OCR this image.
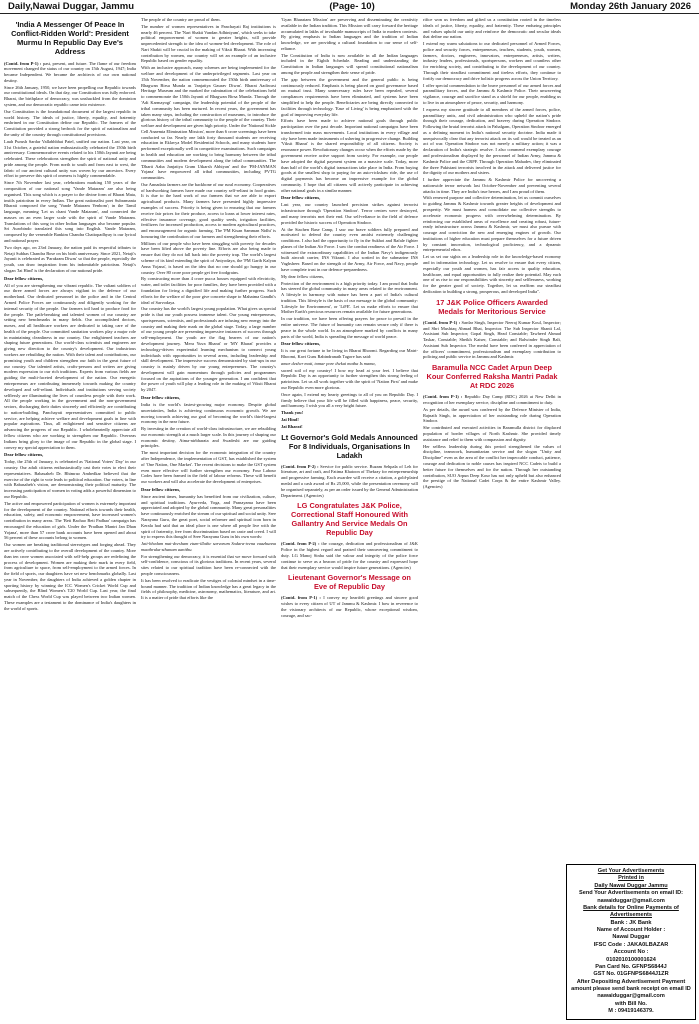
Daily,Nawai Duggar, Jammu	(Page- 10)	Monday 26th January 2026
'India A Messenger Of Peace In Conflict-Ridden World': President
Murmu In Republic Day Eve's Address

(Contd. from P-1) : past, present, and future. The flame of our freedom movement changed the status of our country on 15th August, 1947; India became Independent. We became the architects of our own national destiny.

Since 26th January, 1950, we have been propelling our Republic towards our constitutional ideals. On that day, our Constitution was fully enforced. Bharat, the birthplace of democracy, was unshackled from the dominion system, and our democratic republic came into existence.

Our Constitution is the foundational document of the largest republic in world history. The ideals of justice, liberty, equality, and fraternity enshrined in our Constitution define our Republic. The framers of the Constitution provided a strong bedrock for the spirit of nationalism and the unity of the country through constitutional provisions.

Lauh Purush Sardar Vallabhbhai Patel, unified our nation. Last year, on 31st October, a grateful nation enthusiastically celebrated the 150th birth anniversary. Commemorative events related to his 150th Jayanti are being celebrated. These celebrations strengthen the spirit of national unity and pride among the people. From north to south and from east to west, the fabric of our ancient cultural unity was woven by our ancestors. Every effort to preserve this spirit of oneness is highly commendable.

Since 7th November last year, celebrations marking 150 years of the composition of our national song 'Vande Mataram' are also being organised. This song which is a prayer to the divine form of Bharat Mata, instils patriotism in every Indian. The great nationalist poet Subramania Bharati composed the song 'Vande Mataram Yenbom'; in the Tamil language, meaning 'Let us chant Vande Mataram', and connected the masses on an even larger scale with the spirit of Vande Mataram. Translations of this song in other Indian languages also became popular. Sri Aurobindo translated this song into English. Vande Mataram, composed by the venerable Bankim Chandra Chattopadhyay is our lyrical and national prayer.

Two days ago, on 23rd January, the nation paid its respectful tributes to Netaji Subhas Chandra Bose on his birth anniversary. Since 2021, Netaji's Jayanti is celebrated as 'Parakram Diwas' so that the people, especially the youth, can draw inspiration from his indomitable patriotism. Netaji's slogan 'Jai Hind' is the declaration of our national pride.

Dear fellow citizens,

All of you are strengthening our vibrant republic. The valiant soldiers of our three armed forces are always vigilant in the defence of our motherland. Our dedicated personnel in the police and in the Central Armed Police Forces are continuously and diligently working for the internal security of the people. Our farmers toil hard to produce food for the people. The path-breaking and talented women of our country are setting new benchmarks in many fields. Our accomplished doctors, nurses, and all healthcare workers are dedicated to taking care of the health of the people. Our committed sanitation workers play a major role in maintaining cleanliness in our country. Our enlightened teachers are shaping future generations. Our world-class scientists and engineers are giving new direction to the country's development. Our industrious workers are rebuilding the nation. With their talent and contributions, our promising youth and children strengthen our faith in the great future of our country. Our talented artists, crafts-persons and writers are giving modern expression to our rich traditions. Experts from various fields are guiding the multi-faceted development of the nation. Our energetic entrepreneurs are contributing immensely towards making the country developed and self-reliant. Individuals and institutions serving society selflessly are illuminating the lives of countless people with their work. All the people working in the government and the non-government sectors, discharging their duties sincerely and efficiently are contributing to nation-building. Panchayati representatives committed to public service, are helping achieve welfare and development goals in line with popular aspirations. Thus, all enlightened and sensitive citizens are advancing the progress of our Republic. I wholeheartedly appreciate all fellow citizens who are working to strengthen our Republic. Overseas Indians bring glory to the image of our Republic in the global stage. I convey my special appreciation to them.

Dear fellow citizens,

Today, the 25th of January, is celebrated as 'National Voters' Day' in our country. Our adult citizens enthusiastically cast their votes to elect their representatives. Babasaheb Dr. Bhimrao Ambedkar believed that the exercise of the right to vote leads to political education. Our voters, in line with Babasaheb's vision, are demonstrating their political maturity. The increasing participation of women in voting adds a powerful dimension to our Republic.

The active and empowered participation of women is extremely important for the development of the country. National efforts towards their health, education, safety, and economic empowerment, have increased women's contribution in many areas. The 'Beti Bachao Beti Padhao' campaign has encouraged the education of girls. Under the 'Pradhan Mantri Jan Dhan Yojana', more than 57 crore bank accounts have been opened and about 56 percent of these accounts belong to women.

Our women are breaking traditional stereotypes and forging ahead. They are actively contributing to the overall development of the country. More than ten crore women associated with self-help groups are redefining the process of development. Women are making their mark in every field, from agriculture to space, from self-employment to the armed forces. In the field of sports, our daughters have set new benchmarks globally. Last year in November, the daughters of India achieved a golden chapter in sporting history by winning the ICC Women's Cricket World Cup and subsequently, the Blind Women's T20 World Cup. Last year, the final match of the Chess World Cup was played between two Indian women. These examples are a testament to the dominance of India's daughters in the world of sports.

The people of the country are proud of them.

The number of women representatives in Panchayati Raj institutions is nearly 46 percent. The 'Nari Shakti Vandan Adhiniyam', which seeks to take political empowerment of women to greater heights, will provide unprecedented strength to the idea of women-led development. The role of Nari Shakti will be crucial in the making of Viksit Bharat. With increasing contribution by women, our country will set an example of an inclusive Republic based on gender equality.

With an inclusive approach, many schemes are being implemented for the welfare and development of the underprivileged segments. Last year on 15th November, the nation commemorated the 150th birth anniversary of Bhagwan Birsa Munda as 'Janjatiya Gaurav Diwas'. Bharat Aadiwasi Heritage Museum and the marked the culmination of the celebrations held to commemorate the 150th Jayanti of Bhagwan Birsa Munda. Through the 'Adi Karmayogi' campaign, the leadership potential of the people of the tribal community has been nurtured. In recent years, the government has taken many steps, including the construction of museums, to introduce the glorious history of the tribal community to the people of the country. Their welfare and development are given high priority. Under the 'National Sickle Cell Anaemia Elimination Mission', more than 6 crore screenings have been conducted so far. Nearly one lakh forty thousand students are receiving education in Eklavya Model Residential Schools, and many students have performed exceptionally well in competitive examinations. Such campaigns in health and education are working to bring harmony between the tribal communities and modern development along the tribal communities. The 'Dharti Aaba Janjatiya Gram Utkarsh Abhiyan' and the 'PM-JANMAN Yojana' have empowered all tribal communities, including PVTG communities.

Our Annadata farmers are the backbone of our rural economy. Cooperatives of hardworking farmers have made our country self-reliant in food grains. It is due to the hard work of our farmers that we are able to export agricultural products. Many farmers have presented highly impressive examples of success. Priority is being given to ensuring that our farmers receive fair prices for their produce, access to loans at lower interest rates, effective insurance coverage, good quality seeds, irrigation facilities, fertilizers for increased production, access to modern agricultural practices, and encouragement for organic farming. The 'PM Kisan Samman Nidhi' is honouring the contribution of our farmers and strengthening their efforts.

Millions of our people who have been struggling with poverty for decades have been lifted above the poverty line. Efforts are also being made to ensure that they do not fall back into the poverty trap. The world's largest scheme of its kind extending the spirit of Antyodaya, the 'PM Garib Kalyan Anna Yojana', is based on the idea that no one should go hungry in our country. Over 80 crore poor people get free foodgrains.

By constructing more than 4 crore pucca houses equipped with electricity, water, and toilet facilities for poor families, they have been provided with a foundation for living a dignified life and making further progress. Such efforts for the welfare of the poor give concrete shape to Mahatma Gandhi's ideal of Sarvodaya.

Our country has the world's largest young population. What gives us special pride is that our youth possess immense talent. Our young entrepreneurs, sportspersons, scientists, and professionals are infusing new energy into the country and making their mark on the global stage. Today, a large number of our young people are presenting impressive instances of success through self-employment. Our youth are the flag bearers of our nation's development journey. 'Mera Yuva Bharat' or 'MY Bharat' provides a technology-driven experiential learning mechanism to connect young individuals with opportunities in several areas, including leadership and skill development. The impressive success demonstrated by start-ups in our country is mainly driven by our young entrepreneurs. The country's development will gain momentum through policies and programmes focused on the aspirations of the younger generation. I am confident that the power of youth will play a leading role in the making of Viksit Bharat by 2047.

Dear fellow citizens,

India is the world's fastest-growing major economy. Despite global uncertainties, India is achieving continuous economic growth. We are moving towards achieving our goal of becoming the world's third-largest economy in the near future.

By investing in the creation of world-class infrastructure, we are rebuilding our economic strength at a much larger scale. In this journey of shaping our economic destiny, Atma-nirbharata and Swadeshi are our guiding principles.

The most important decision for the economic integration of the country after Independence, the implementation of GST, has established the system of 'One Nation, One Market'. The recent decisions to make the GST system even more effective will further strengthen our economy. Four Labour Codes have been framed in the field of labour reforms. These will benefit our workers and will also accelerate the development of enterprises.

Dear fellow citizens,

Since ancient times, humanity has benefited from our civilization, culture, and spiritual traditions. Ayurveda, Yoga, and Pranayama have been appreciated and adopted by the global community. Many great personalities have continuously enriched the stream of our spiritual and social unity. Sree Narayana Guru, the great poet, social reformer and spiritual icon born in Kerala had said that an ideal place is one where all people live with the spirit of fraternity, free from discrimination based on caste and creed. I will try to express this thought of Sree Narayana Guru in his own words:

Jati-bhedam mat-dvesham etum-illathe sarvarum Sodara-tvena vaazhunna maathruka-sthanam aanithu.

For strengthening our democracy, it is essential that we move forward with self-confidence, conscious of its glorious traditions. In recent years, several sites related to our spiritual tradition have been re-connected with the people consciousness.

It has been resolved to eradicate the vestiges of colonial mindset in a time-bound manner. The tradition of Indian knowledge has a great legacy in the fields of philosophy, medicine, astronomy, mathematics, literature, and art. It is a matter of pride that efforts like the

'Gyan Bharatam Mission' are preserving and disseminating the creativity available in the Indian tradition. This Mission will carry forward the heritage accumulated in lakhs of invaluable manuscripts of India to modern contexts. By giving emphasis to Indian languages and the tradition of Indian knowledge, we are providing a cultural foundation to our sense of self-reliance.

The Constitution of India is now available in all the Indian languages included in the Eighth Schedule. Reading and understanding the Constitution in Indian languages will spread constitutional nationalism among the people and strengthen their sense of pride.

The gap between the government and the general public is being continuously reduced. Emphasis is being placed on good governance based on mutual trust. Many unnecessary rules have been repealed, several compliances requirements have been eliminated, and systems have been simplified to help the people. Beneficiaries are being directly connected to facilities through technology. 'Ease of Living' is being emphasized with the goal of improving everyday life.

Efforts have been made to achieve national goals through public participation over the past decade. Important national campaigns have been transformed into mass movements. Local institutions in every village and city have been made instruments of ushering in progressive change. Building 'Viksit Bharat' is the shared responsibility of all citizens. Society is resonance power. Revolutionary changes occur when the efforts made by the government receive active support from society. For example, our people have adopted the digital payment system on a massive scale. Today, more than half of the world's digital transactions take place in India. From buying goods at the smallest shop to paying for an auto-rickshaw ride, the use of digital payments has become an impressive example for the global community. I hope that all citizens will actively participate in achieving other national goals in a similar manner.

Dear fellow citizens,

Last year, our country launched precision strikes against terrorist infrastructure through 'Operation Sindoor'. Terror centres were destroyed, and many terrorists met their end. Our self-reliance in the field of defence provided the historic success of Operation Sindoor.

At the Siachen Base Camp, I saw our brave soldiers fully prepared and motivated to defend the country even amidst extremely challenging conditions. I also had the opportunity to fly in the Sukhoi and Rafale fighter planes of the Indian Air Force. I saw the combat readiness of the Air Force. I witnessed the extraordinary capabilities of the Indian Navy's indigenously built aircraft carrier, INS Vikrant. I also sortied in the submarine INS Vaghsheer. Based on the strength of the Army, Air Force, and Navy, people have complete trust in our defence-preparedness.

My dear fellow citizens,

Protection of the environment is a high priority today. I am proud that India has steered the global community in many areas related to the environment. A lifestyle in harmony with nature has been a part of India's cultural tradition. This lifestyle is the basis of our message to the global community: 'Lifestyle for Environment', or 'LiFE'. Let us make efforts to ensure that Mother Earth's precious resources remain available for future generations.

In our tradition, we have been offering prayers for peace to prevail in the entire universe. The future of humanity can remain secure only if there is peace in the whole world. In an atmosphere marked by conflicts in many parts of the world, India is spreading the message of world peace.

Dear fellow citizens,

It is our great fortune to be living in Bharat Bhoomi. Regarding our Matri-Bhoomi, Kavi Guru Rabindranath Tagore has said:

amar desher mati, tomar pore thekai matha Is mama,

sacred soil of my country! I bow my head at your feet. I believe that Republic Day is an opportunity to further strengthen this strong feeling of patriotism. Let us all work together with the spirit of 'Nation First' and make our Republic even more glorious.

Once again, I extend my hearty greetings to all of you on Republic Day. I firmly believe that your life will be filled with happiness, peace, security, and harmony. I wish you all a very bright future.

Thank you!

Jai Hind!

Jai Bharat!

Lt Governor's Gold Medals Announced For 8 Individuals, Organisations In Ladakh

(Contd. from P-2) : Service for public service. Buzam Sehpala of Leh for literature, art and craft, and Fatima Khatoon of Thekray for entrepreneurship and progressive farming. Each awardee will receive a citation, a gold-plated medal and a cash award of Rs 25,000, while the presentation ceremony will be organised separately, as per an order issued by the General Administration Department. (Agencies)

LG Congratulates J&K Police, Correctional Staff Honoured With Gallantry And Service Medals On Republic Day

(Contd. from P-2) : the courage, dedication and professionalism of J&K Police in the highest regard and praised their unwavering commitment to duty. LG Manoj Sinha said the valour and integrity of the police force continue to serve as a beacon of pride for the country and expressed hope that their exemplary service would inspire future generations. (Agencies)

Lieutenant Governor's Message on Eve of Republic Day

(Contd. from P-1) : I convey my heartfelt greetings and sincere good wishes to every citizen of UT of Jammu & Kashmir. I bow in reverence to the visionary architects of our Republic, whose exceptional wisdom, courage, and sac-

rifice won us freedom and gifted us a constitution rooted in the timeless ideals of justice, liberty, equality, and fraternity. These enduring principles and values uphold our unity and reinforce the democratic and secular ideals that define our nation.

I extend my warm salutations to our dedicated personnel of Armed Forces, police and security forces, entrepreneurs, teachers, students, youth, women, farmers, doctors, engineers, innovators, entrepreneurs, artists, writers, industry leaders, professionals, sportspersons, workers and countless other for enriching society, and contributing to the development of our country. Through their steadfast commitment and tireless efforts, they continue to fortify our democracy and drive holistic progress across the Union Territory.

I offer special commendation to the brave personnel of our armed forces and paramilitary forces, and the Jammu & Kashmir Police. Their unwavering vigilance, courage and sacrifice stand as a shield for our people, enabling us to live in an atmosphere of peace, security, and harmony.

I express my sincere gratitude to all members of the armed forces, police, paramilitary units, and civil administration who upheld the nation's pride through their courage, dedication, and bravery during Operation Sindoor. Following the brutal terrorist attack in Pahalgam, Operation Sindoor emerged as a defining moment in India's national security doctrine. India made it unequivocally clear that any terrorist attack on its soil would be treated as an act of war. Operation Sindoor was not merely a military action; it was a declaration of India's strategic resolve. I also commend exemplary courage and professionalism displayed by the personnel of Indian Army, Jammu & Kashmir Police and the CRPF. Through Operation Mahadev, they eliminated the three Pakistani terrorists involved in the attack and delivered justice for the dignity of our mothers and sisters.

I further appreciate the Jammu & Kashmir Police for uncovering a nationwide terror network last October-November and preventing several attacks in time. They are India's true heroes, and I am proud of them.

With renewed purpose and collective determination, let us commit ourselves to guiding Jammu & Kashmir towards greater heights of development and prosperity. We must harness and consolidate our collective strengths to accelerate economic progress with overwhelming determination. By reinforcing our established areas of excellence and creating robust, future-ready infrastructure across Jammu & Kashmir, we must also pursue with courage and conviction the new and emerging engines of growth. Our institutions of higher education must prepare themselves for a future driven by constant innovation, technological proficiency, and a dynamic entrepreneurial ethos.

Let us set our sights on a leadership role in the knowledge-based economy and in information technology. Let us resolve to ensure that every citizen, especially our youth and women, has fair access to quality education, healthcare, and equal opportunities to fully realize their potential. May each one of us rise to our responsibilities with sincerity and selflessness, working for the greater good of society. Together, let us reaffirm our steadfast dedication to building a strong, prosperous, and developed India".

17 J&K Police Officers Awarded Medals for Meritorious Service

(Contd. from P-1) : Sardar Singh, Inspector Neeraj Kumar Koul, Inspector; and Shri Mushtaq Ahmad Bhat, Inspector. The Sub Inspector Shanti Lal, Assistant Sub Inspector; Gopal Singh, Head Constable; Tawheed Ahmad Taskar, Constable; Sheikh Kaiser, Constable; and Balwinder Singh Bali, Assistant Sub Inspector. The medal have been conferred in appreciation of the officers' commitment, professionalism and exemplary contribution to policing and public service in Jammu and Kashmir.

Baramulla NCC Cadet Arpun Deep Kour Conferred Raksha Mantri Padak At RDC 2026

(Contd. from P-1) : Republic Day Camp (RDC) 2026 at New Delhi in recognition of her exemplary service, discipline and commitment to duty.

As per details, the award was conferred by the Defence Minister of India, Rajnath Singh, in appreciation of her outstanding role during Operation Sindoor.

She contributed and executed activities in Baramulla district for displaced population of border villages of North Kashmir. She provided timely assistance and relief to them with compassion and dignity.

Her selfless leadership during this period strengthened the values of discipline, teamwork, humanitarian service and the slogan "Unity and Discipline" even as the area of the conflict her impeccable conduct, patience, courage and dedication to noble causes has inspired NCC Cadets to build a better future for themselves and for the nation. Through her outstanding contribution, SUO Arpun Deep Kour has not only upheld but also enhanced the prestige of the National Cadet Corps & the entire Kashmir Valley. (Agencies)

Get Your Advertisements
Printed in
Daily Nawai Duggar Jammu
Send Your Advertisements on email ID:
nawaiduggar@gmail.com
Bank details for Online Payments of Advertisements
Bank : JK Bank
Name of Account Holder :
Nawai Duggar
IFSC Code : JAKA0LBAZAR
Account No :
0102010100001624
Pan Card No. GFNPS6844J
GST No. 01GFNPS6844J1ZR
After Depositing Advertisement Payment amount please send bank receipt on email ID
nawaiduggar@gmail.com
with Bill No.
M : 09419146379.
